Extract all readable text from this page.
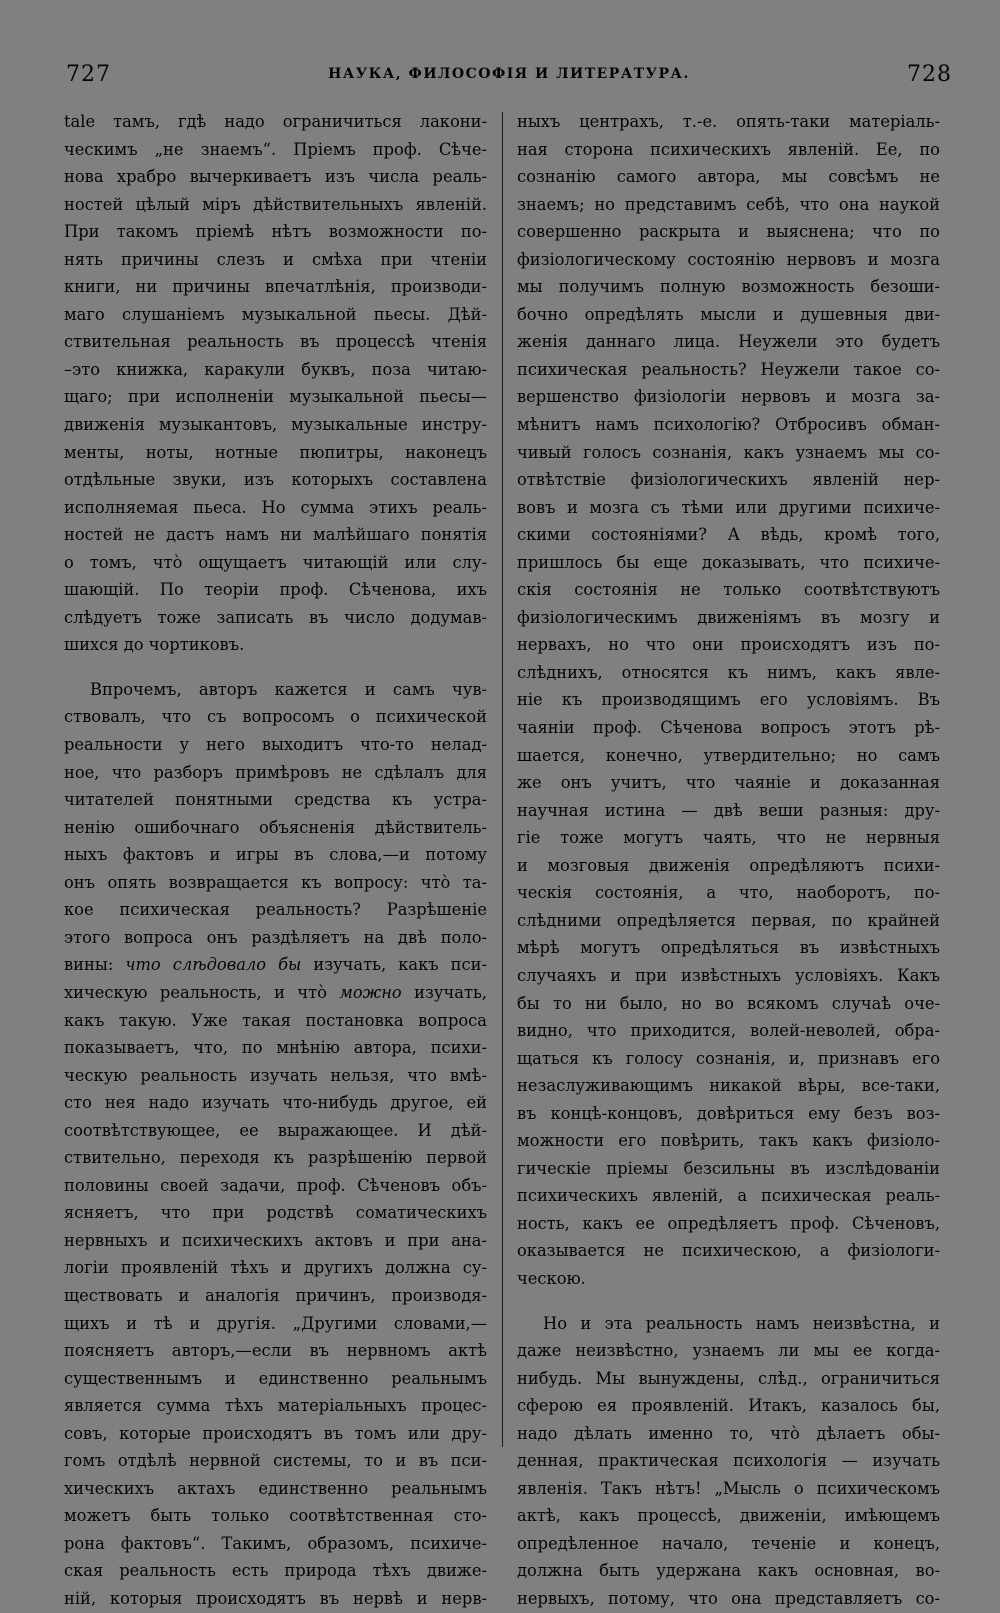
727	НАУКА, ФИЛОСОФІЯ И ЛИТЕРАТУРА.	728
tale тамъ, гдѣ надо ограничиться лакони-
ческимъ „не знаемъ“. Пріемъ проф. Сѣче-
нова храбро вычеркиваетъ изъ числа реаль-
ностей цѣлый міръ дѣйствительныхъ явленій.
При такомъ пріемѣ нѣтъ возможности по-
нять причины слезъ и смѣха при чтеніи
книги, ни причины впечатлѣнія, производи-
маго слушаніемъ музыкальной пьесы. Дѣй-
ствительная реальность въ процессѣ чтенія
–это книжка, каракули буквъ, поза читаю-
щаго; при исполненіи музыкальной пьесы—
движенія музыкантовъ, музыкальные инстру-
менты, ноты, нотные пюпитры, наконецъ
отдѣльные звуки, изъ которыхъ составлена
исполняемая пьеса. Но сумма этихъ реаль-
ностей не дастъ намъ ни малѣйшаго понятія
о томъ, что̀ ощущаетъ читающій или слу-
шающій. По теоріи проф. Сѣченова, ихъ
слѣдуетъ тоже записать въ число додумав-
шихся до чортиковъ.
Впрочемъ, авторъ кажется и самъ чув-
ствовалъ, что съ вопросомъ о психической
реальности у него выходитъ что-то нелад-
ное, что разборъ примѣровъ не сдѣлалъ для
читателей понятными средства къ устра-
ненію ошибочнаго объясненія дѣйствитель-
ныхъ фактовъ и игры въ слова,—и потому
онъ опять возвращается къ вопросу: что̀ та-
кое психическая реальность? Разрѣшеніе
этого вопроса онъ раздѣляетъ на двѣ поло-
вины: что слѣдовало бы изучать, какъ пси-
хическую реальность, и что̀ можно изучать,
какъ такую. Уже такая постановка вопроса
показываетъ, что, по мнѣнію автора, психи-
ческую реальность изучать нельзя, что вмѣ-
сто нея надо изучать что-нибудь другое, ей
соотвѣтствующее, ее выражающее. И дѣй-
ствительно, переходя къ разрѣшенію первой
половины своей задачи, проф. Сѣченовъ объ-
ясняетъ, что при родствѣ соматическихъ
нервныхъ и психическихъ актовъ и при ана-
логіи проявленій тѣхъ и другихъ должна су-
ществовать и аналогія причинъ, производя-
щихъ и тѣ и другія. „Другими словами,—
поясняетъ авторъ,—если въ нервномъ актѣ
существеннымъ и единственно реальнымъ
является сумма тѣхъ матеріальныхъ процес-
совъ, которые происходятъ въ томъ или дру-
гомъ отдѣлѣ нервной системы, то и въ пси-
хическихъ актахъ единственно реальнымъ
можетъ быть только соотвѣтственная сто-
рона фактовъ“. Такимъ, образомъ, психиче-
ская реальность есть природа тѣхъ движе-
ній, которыя происходятъ въ нервѣ и нерв-
ныхъ центрахъ, т.-е. опять-таки матеріаль-
ная сторона психическихъ явленій. Ее, по
сознанію самого автора, мы совсѣмъ не
знаемъ; но представимъ себѣ, что она наукой
совершенно раскрыта и выяснена; что по
физіологическому состоянію нервовъ и мозга
мы получимъ полную возможность безоши-
бочно опредѣлять мысли и душевныя дви-
женія даннаго лица. Неужели это будетъ
психическая реальность? Неужели такое со-
вершенство физіологіи нервовъ и мозга за-
мѣнитъ намъ психологію? Отбросивъ обман-
чивый голосъ сознанія, какъ узнаемъ мы со-
отвѣтствіе физіологическихъ явленій нер-
вовъ и мозга съ тѣми или другими психиче-
скими состояніями? А вѣдь, кромѣ того,
пришлось бы еще доказывать, что психиче-
скія состоянія не только соотвѣтствуютъ
физіологическимъ движеніямъ въ мозгу и
нервахъ, но что они происходятъ изъ по-
слѣднихъ, относятся къ нимъ, какъ явле-
ніе къ производящимъ его условіямъ. Въ
чаяніи проф. Сѣченова вопросъ этотъ рѣ-
шается, конечно, утвердительно; но самъ
же онъ учитъ, что чаяніе и доказанная
научная истина — двѣ веши разныя: дру-
гіе тоже могутъ чаять, что не нервныя
и мозговыя движенія опредѣляютъ психи-
ческія состоянія, а что, наоборотъ, по-
слѣдними опредѣляется первая, по крайней
мѣрѣ могутъ опредѣляться въ извѣстныхъ
случаяхъ и при извѣстныхъ условіяхъ. Какъ
бы то ни было, но во всякомъ случаѣ оче-
видно, что приходится, волей-неволей, обра-
щаться къ голосу сознанія, и, признавъ его
незаслуживающимъ никакой вѣры, все-таки,
въ концѣ-концовъ, довѣриться ему безъ воз-
можности его повѣрить, такъ какъ физіоло-
гическіе пріемы безсильны въ изслѣдованіи
психическихъ явленій, а психическая реаль-
ность, какъ ее опредѣляетъ проф. Сѣченовъ,
оказывается не психическою, а физіологи-
ческою.
Но и эта реальность намъ неизвѣстна, и
даже неизвѣстно, узнаемъ ли мы ее когда-
нибудь. Мы вынуждены, слѣд., ограничиться
сферою ея проявленій. Итакъ, казалось бы,
надо дѣлать именно то, что̀ дѣлаетъ обы-
денная, практическая психологія — изучать
явленія. Такъ нѣтъ! „Мысль о психическомъ
актѣ, какъ процессѣ, движеніи, имѣющемъ
опредѣленное начало, теченіе и конецъ,
должна быть удержана какъ основная, во-
нервыхъ, потому, что она представляетъ со-
